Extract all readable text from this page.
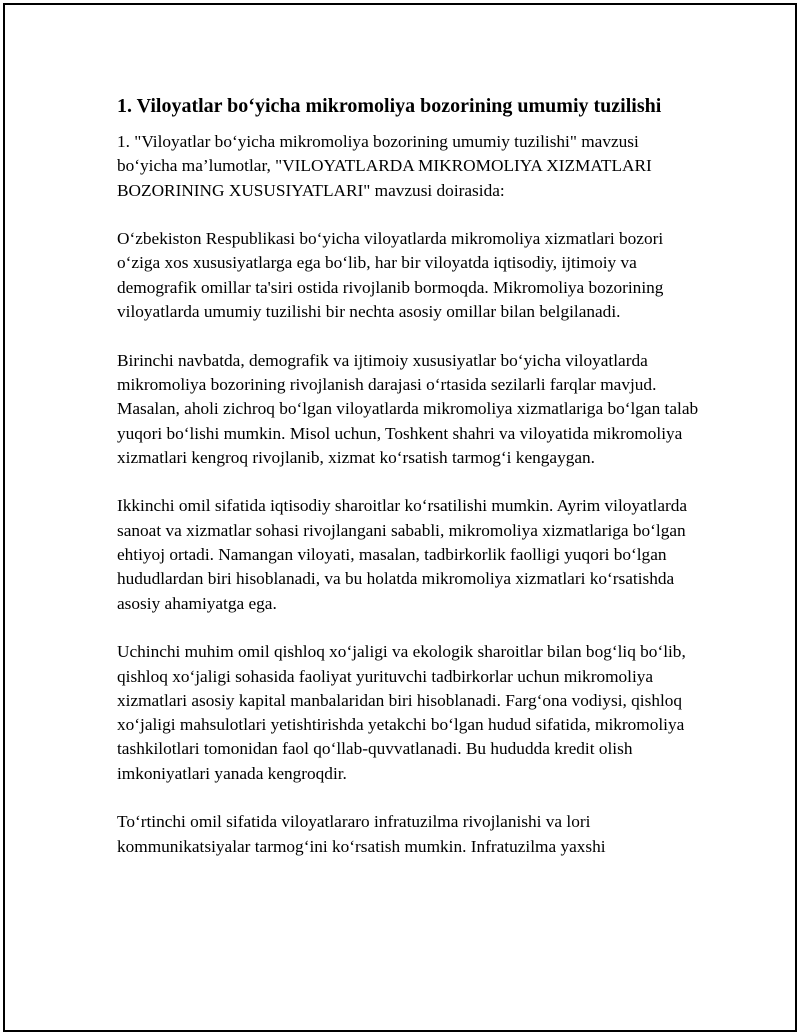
1. Viloyatlar bo‘yicha mikromoliya bozorining umumiy tuzilishi

1. "Viloyatlar bo‘yicha mikromoliya bozorining umumiy tuzilishi" mavzusi bo‘yicha ma’lumotlar, "VILOYATLARDA MIKROMOLIYA XIZMATLARI BOZORINING XUSUSIYATLARI" mavzusi doirasida:

O‘zbekiston Respublikasi bo‘yicha viloyatlarda mikromoliya xizmatlari bozori o‘ziga xos xususiyatlarga ega bo‘lib, har bir viloyatda iqtisodiy, ijtimoiy va demografik omillar ta'siri ostida rivojlanib bormoqda. Mikromoliya bozorining viloyatlarda umumiy tuzilishi bir nechta asosiy omillar bilan belgilanadi.

Birinchi navbatda, demografik va ijtimoiy xususiyatlar bo‘yicha viloyatlarda mikromoliya bozorining rivojlanish darajasi o‘rtasida sezilarli farqlar mavjud. Masalan, aholi zichroq bo‘lgan viloyatlarda mikromoliya xizmatlariga bo‘lgan talab yuqori bo‘lishi mumkin. Misol uchun, Toshkent shahri va viloyatida mikromoliya xizmatlari kengroq rivojlanib, xizmat ko‘rsatish tarmog‘i kengaygan.

Ikkinchi omil sifatida iqtisodiy sharoitlar ko‘rsatilishi mumkin. Ayrim viloyatlarda sanoat va xizmatlar sohasi rivojlangani sababli, mikromoliya xizmatlariga bo‘lgan ehtiyoj ortadi. Namangan viloyati, masalan, tadbirkorlik faolligi yuqori bo‘lgan hududlardan biri hisoblanadi, va bu holatda mikromoliya xizmatlari ko‘rsatishda asosiy ahamiyatga ega.

Uchinchi muhim omil qishloq xo‘jaligi va ekologik sharoitlar bilan bog‘liq bo‘lib, qishloq xo‘jaligi sohasida faoliyat yurituvchi tadbirkorlar uchun mikromoliya xizmatlari asosiy kapital manbalaridan biri hisoblanadi. Farg‘ona vodiysi, qishloq xo‘jaligi mahsulotlari yetishtirishda yetakchi bo‘lgan hudud sifatida, mikromoliya tashkilotlari tomonidan faol qo‘llab-quvvatlanadi. Bu hududda kredit olish imkoniyatlari yanada kengroqdir.

To‘rtinchi omil sifatida viloyatlararo infratuzilma rivojlanishi va lori kommunikatsiyalar tarmog‘ini ko‘rsatish mumkin. Infratuzilma yaxshi
